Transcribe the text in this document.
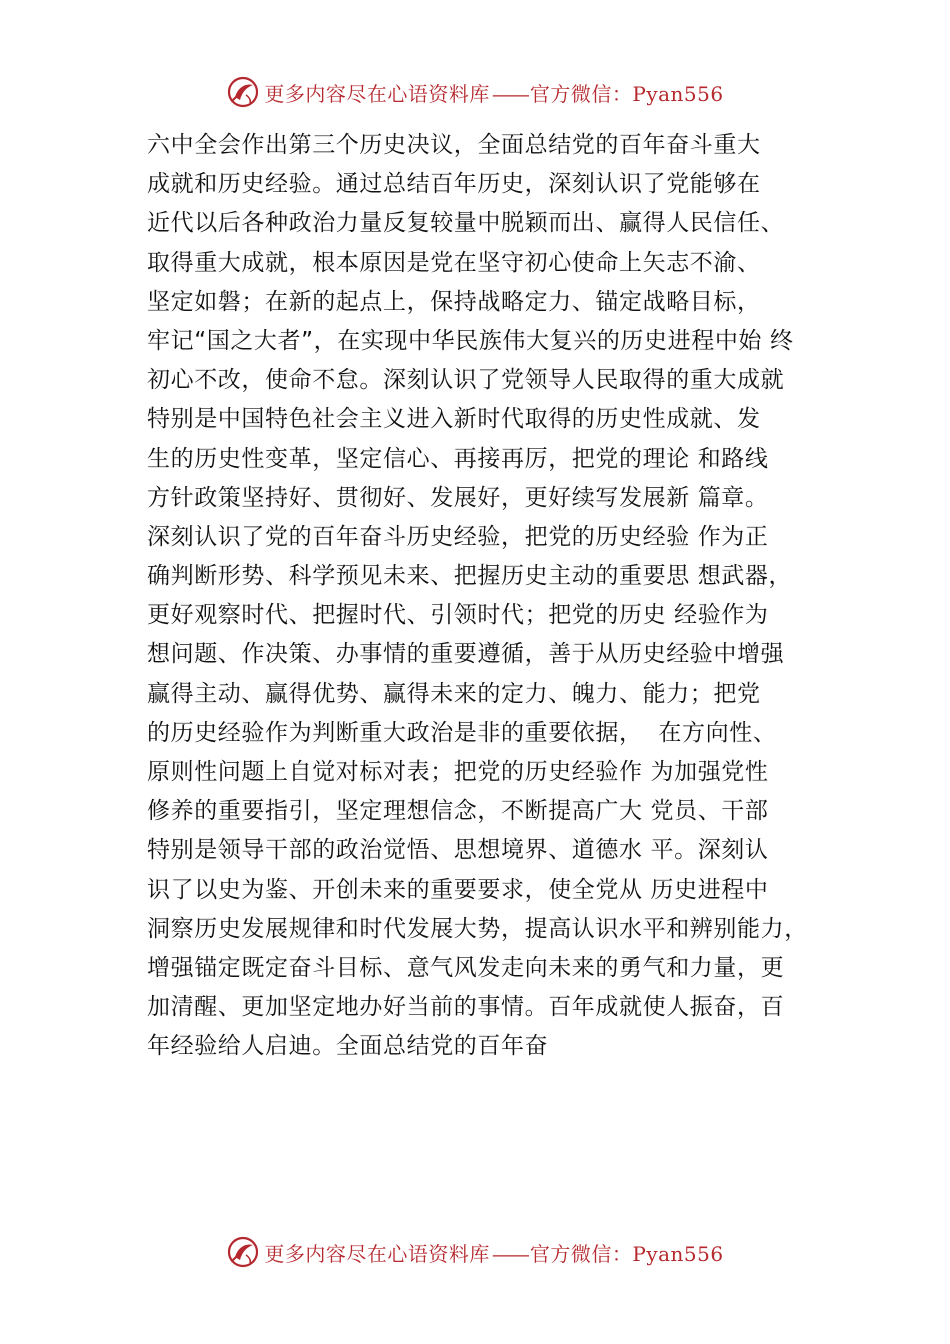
更多内容尽在心语资料库 —— 官方微信：Pyan556
六中全会作出第三个历史决议，全面总结党的百年奋斗重大
成就和历史经验。通过总结百年历史，深刻认识了党能够在
近代以后各种政治力量反复较量中脱颖而出、赢得人民信任、
取得重大成就，根本原因是党在坚守初心使命上矢志不渝、
坚定如磐；在新的起点上，保持战略定力、锚定战略目标，
牢记“国之大者”，在实现中华民族伟大复兴的历史进程中始 终
初心不改，使命不怠。深刻认识了党领导人民取得的重大成就
特别是中国特色社会主义进入新时代取得的历史性成就、发
生的历史性变革，坚定信心、再接再厉，把党的理论 和路线
方针政策坚持好、贯彻好、发展好，更好续写发展新 篇章。
深刻认识了党的百年奋斗历史经验，把党的历史经验 作为正
确判断形势、科学预见未来、把握历史主动的重要思 想武器，
更好观察时代、把握时代、引领时代；把党的历史 经验作为
想问题、作决策、办事情的重要遵循，善于从历史经验中增强
赢得主动、赢得优势、赢得未来的定力、魄力、能力；把党
的历史经验作为判断重大政治是非的重要依据，  在方向性、
原则性问题上自觉对标对表；把党的历史经验作 为加强党性
修养的重要指引，坚定理想信念，不断提高广大 党员、干部
特别是领导干部的政治觉悟、思想境界、道德水 平。深刻认
识了以史为鉴、开创未来的重要要求，使全党从 历史进程中
洞察历史发展规律和时代发展大势，提高认识水平和辨别能力，
增强锚定既定奋斗目标、意气风发走向未来的勇气和力量，更
加清醒、更加坚定地办好当前的事情。百年成就使人振奋，百
年经验给人启迪。全面总结党的百年奋
更多内容尽在心语资料库 —— 官方微信：Pyan556
